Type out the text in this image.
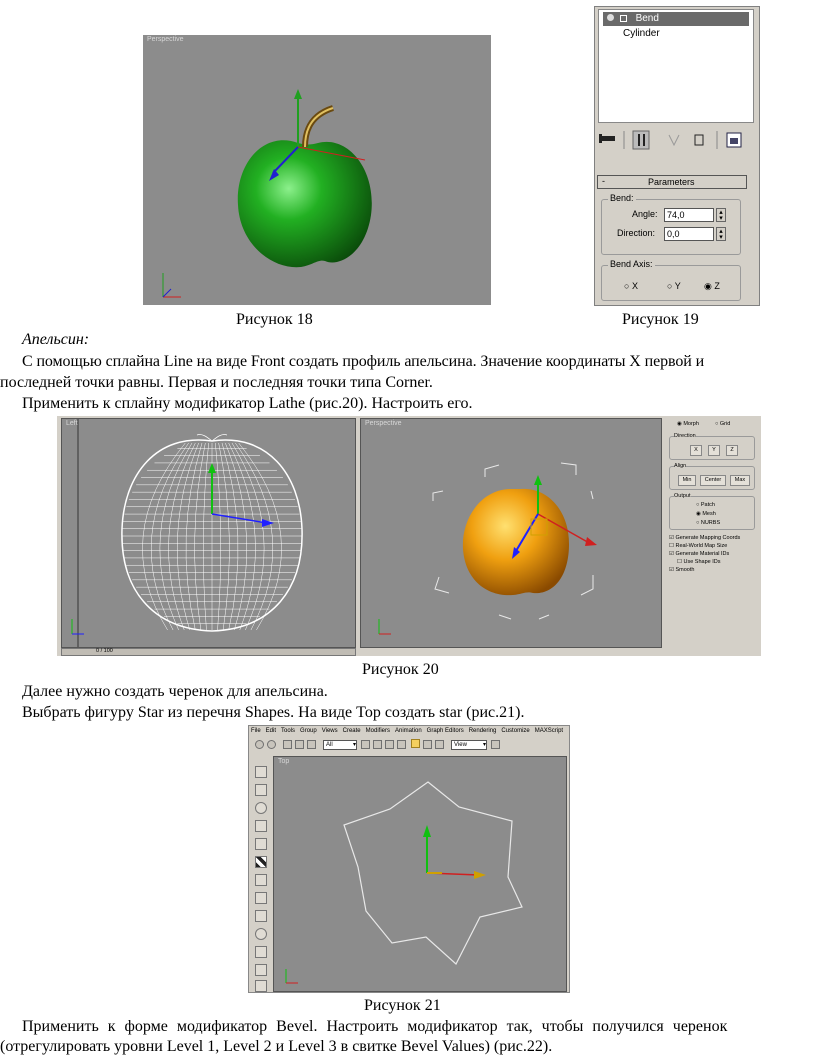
Perspective
Bend
Cylinder
-	Parameters
Bend:
Angle:	74,0	▴
▾
Direction:	0,0	▴
▾
Bend Axis:
○ X	○ Y	◉ Z
Рисунок 18	Рисунок 19
Апельсин:
С помощью сплайна Line на виде Front создать профиль апельсина. Значение координаты X первой и
последней точки равны. Первая и последняя точки типа Corner.
Применить к сплайну модификатор Lathe (рис.20). Настроить его.
Left	Perspective
0 / 100
◉ Morph	○ Grid
Direction
X	Y	Z
Align
Min	Center	Max
Output
○ Patch
◉ Mesh
○ NURBS
☑ Generate Mapping Coords
☐ Real-World Map Size
☑ Generate Material IDs
☐ Use Shape IDs
☑ Smooth
Рисунок 20
Далее нужно создать черенок для апельсина.
Выбрать фигуру Star из перечня Shapes. На виде Top создать star (рис.21).
File Edit Tools Group Views Create Modifiers Animation Graph Editors Rendering Customize MAXScript
All	▾	View	▾
Top
Рисунок 21
Применить к форме модификатор Bevel. Настроить модификатор так, чтобы получился черенок
(отрегулировать уровни Level 1, Level 2 и Level 3 в свитке Bevel Values) (рис.22).
